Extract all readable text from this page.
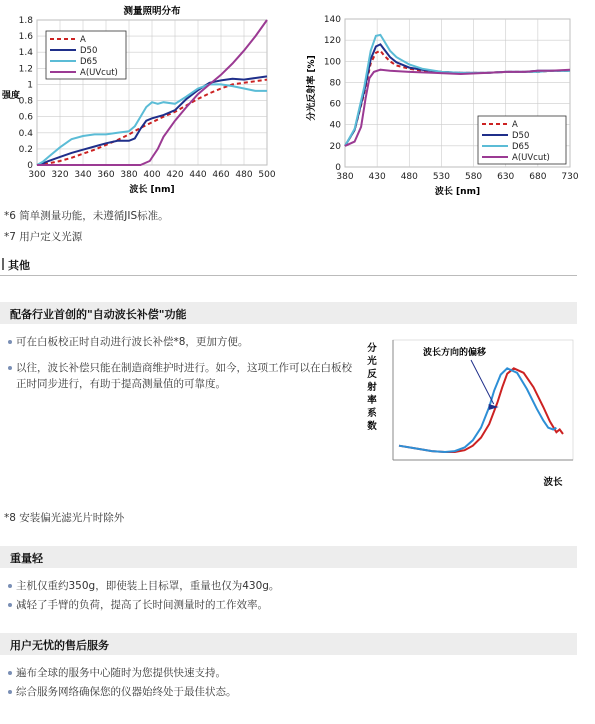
0
0.2
0.4
0.6
0.8
1
1.2
1.4
1.6
1.8
300 320 340 360 380 400 420 440 460 480 500
测量照明分布
波长 [nm]
强度
A
D50
D65
A(UVcut)
0
20
40
60
80
100
120
140
380 430 480 530 580 630 680 730
波长 [nm]
分光反射率 [%]
A
D50
D65
A(UVcut)
*6 简单测量功能，未遵循JIS标准。
*7 用户定义光源
其他
配备行业首创的"自动波长补偿"功能
可在白板校正时自动进行波长补偿*8，更加方便。
以往，波长补偿只能在制造商维护时进行。如今，这项工作可以在白板校正时同步进行，有助于提高测量值的可靠度。
分
光
反
射
率
系
数
波长
波长方向的偏移
*8 安装偏光滤光片时除外
重量轻
主机仅重约350g，即使装上目标罩，重量也仅为430g。
减轻了手臂的负荷，提高了长时间测量时的工作效率。
用户无忧的售后服务
遍布全球的服务中心随时为您提供快速支持。
综合服务网络确保您的仪器始终处于最佳状态。
